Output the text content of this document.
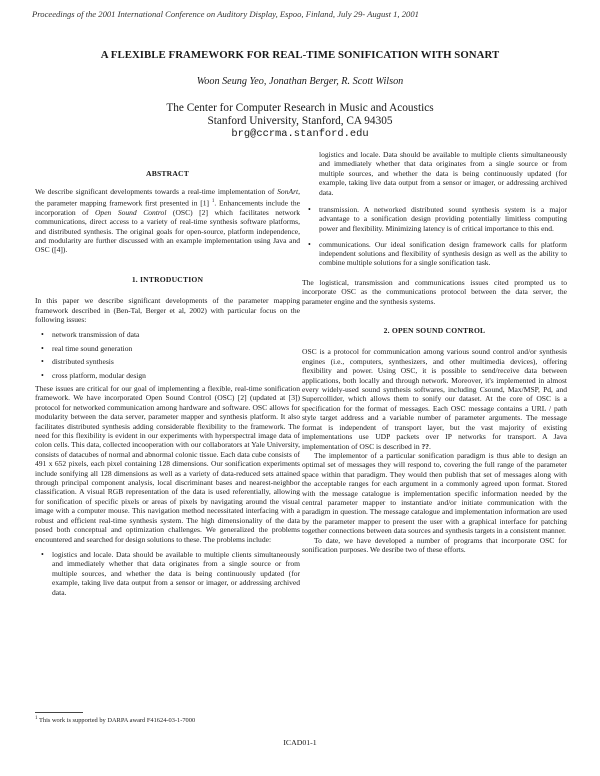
Proceedings of the 2001 International Conference on Auditory Display, Espoo, Finland, July 29- August 1, 2001
A FLEXIBLE FRAMEWORK FOR REAL-TIME SONIFICATION WITH SONART
Woon Seung Yeo, Jonathan Berger, R. Scott Wilson
The Center for Computer Research in Music and Acoustics
Stanford University, Stanford, CA 94305
brg@ccrma.stanford.edu
ABSTRACT

We describe significant developments towards a real-time implementation of SonArt, the parameter mapping framework first presented in [1] $^1$. Enhancements include the incorporation of Open Sound Control (OSC) [2] which facilitates network communications, direct access to a variety of real-time synthesis software platforms, and distributed synthesis. The original goals for open-source, platform independence, and modularity are further discussed with an example implementation using Java and OSC ([4]).

1. INTRODUCTION

In this paper we describe significant developments of the parameter mapping framework described in (Ben-Tal, Berger et al, 2002) with particular focus on the following issues:

• network transmission of data
• real time sound generation
• distributed synthesis
• cross platform, modular design

These issues are critical for our goal of implementing a flexible, real-time sonification framework. We have incorporated Open Sound Control (OSC) [2] (updated at [3]) protocol for networked communication among hardware and software. OSC allows for modularity between the data server, parameter mapper and synthesis platform. It also facilitates distributed synthesis adding considerable flexibility to the framework. The need for this flexibility is evident in our experiments with hyperspectral image data of colon cells. This data, collected incooperation with our collaborators at Yale University, consists of datacubes of normal and abnormal colonic tissue. Each data cube consists of 491 x 652 pixels, each pixel containing 128 dimensions. Our sonification experiments include sonifying all 128 dimensions as well as a variety of data-reduced sets attained through principal component analysis, local discriminant bases and nearest-neighbor classification. A visual RGB representation of the data is used referentially, allowing for sonification of specific pixels or areas of pixels by navigating around the visual image with a computer mouse. This navigation method necessitated interfacing with a robust and efficient real-time synthesis system. The high dimensionality of the data posed both conceptual and optimization challenges. We generalized the problems encountered and searched for design solutions to these. The problems include:

• logistics and locale. Data should be available to multiple clients simultaneously and immediately whether that data originates from a single source or from multiple sources, and whether the data is being continuously updated (for example, taking live data output from a sensor or imager, or addressing archived data.
$^1$ This work is supported by DARPA award F41624-03-1-7000
logistics and locale. Data should be available to multiple clients simultaneously and immediately whether that data originates from a single source or from multiple sources, and whether the data is being continuously updated (for example, taking live data output from a sensor or imager, or addressing archived data.
• transmission. A networked distributed sound synthesis system is a major advantage to a sonification design providing potentially limitless computing power and flexibility. Minimizing latency is of critical importance to this end.
• communications. Our ideal sonification design framework calls for platform independent solutions and flexibility of synthesis design as well as the ability to combine multiple solutions for a single sonification task.

The logistical, transmission and communications issues cited prompted us to incorporate OSC as the communications protocol between the data server, the parameter engine and the synthesis systems.

2. OPEN SOUND CONTROL

OSC is a protocol for communication among various sound control and/or synthesis engines (i.e., computers, synthesizers, and other multimedia devices), offering flexibility and power. Using OSC, it is possible to send/receive data between applications, both locally and through network. Moreover, it's implemented in almost every widely-used sound synthesis softwares, including Csound, Max/MSP, Pd, and Supercollider, which allows them to sonify our dataset. At the core of OSC is a specification for the format of messages. Each OSC message contains a URL / path style target address and a variable number of parameter arguments. The message format is independent of transport layer, but the vast majority of existing implementations use UDP packets over IP networks for transport. A Java implementation of OSC is described in ??.

The implementor of a particular sonification paradigm is thus able to design an optimal set of messages they will respond to, covering the full range of the parameter space within that paradigm. They would then publish that set of messages along with the acceptable ranges for each argument in a commonly agreed upon format. Stored with the message catalogue is implementation specific information needed by the central parameter mapper to instantiate and/or initiate communication with the paradigm in question. The message catalogue and implementation information are used by the parameter mapper to present the user with a graphical interface for patching together connections between data sources and synthesis targets in a consistent manner.

To date, we have developed a number of programs that incorporate OSC for sonification purposes. We desribe two of these efforts.

ICAD01-1
